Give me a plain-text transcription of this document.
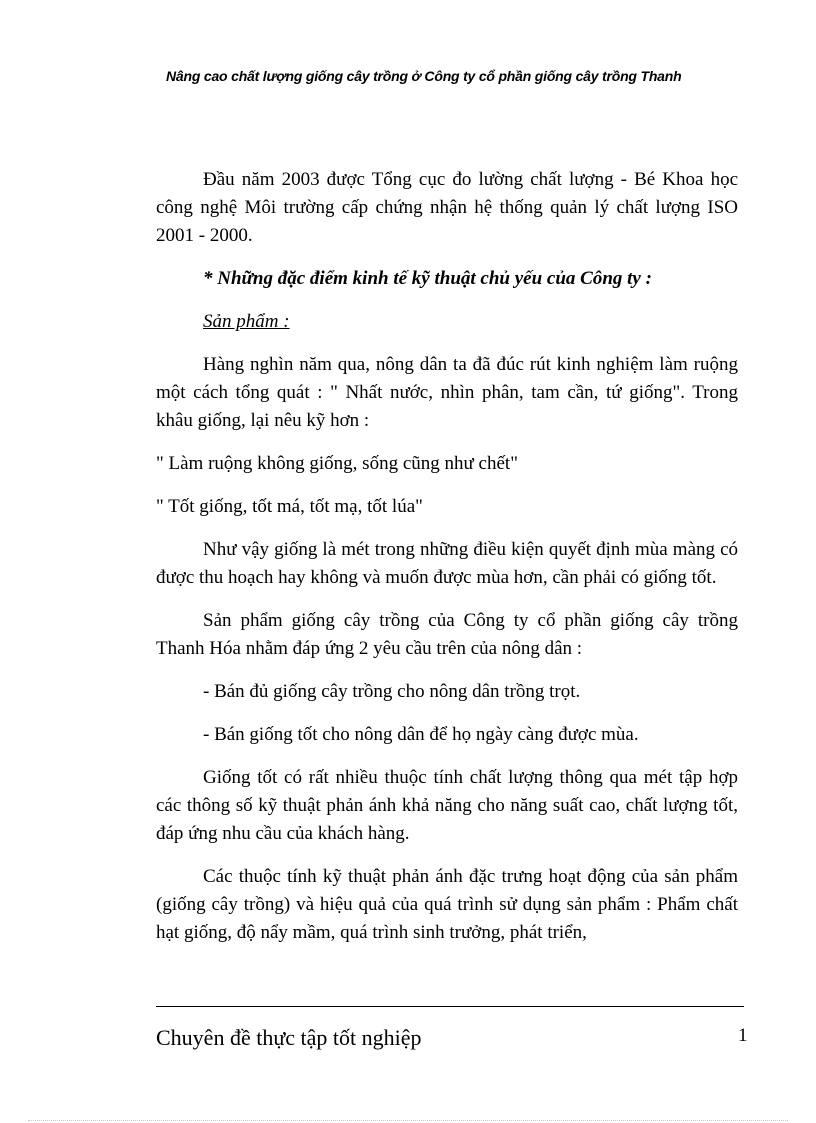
Nâng cao chất lượng giống cây trồng ở Công ty cổ phần giống cây trồng Thanh

Đầu năm 2003 được Tổng cục đo lường chất lượng - Bé Khoa học công nghệ Môi trường cấp chứng nhận hệ thống quản lý chất lượng ISO 2001 - 2000.

* Những đặc điểm kinh tế kỹ thuật chủ yếu của Công ty :

Sản phẩm :

Hàng nghìn năm qua, nông dân ta đã đúc rút kinh nghiệm làm ruộng một cách tổng quát : " Nhất nước, nhìn phân, tam cần, tứ giống". Trong khâu giống, lại nêu kỹ hơn :

" Làm ruộng không giống, sống cũng như chết"

" Tốt giống, tốt má, tốt mạ, tốt lúa"

Như vậy giống là mét trong những điều kiện quyết định mùa màng có được thu hoạch hay không và muốn được mùa hơn, cần phải có giống tốt.

Sản phẩm giống cây trồng của Công ty cổ phần giống cây trồng Thanh Hóa nhằm đáp ứng 2 yêu cầu trên của nông dân :

- Bán đủ giống cây trồng cho nông dân trồng trọt.

- Bán giống tốt cho nông dân để họ ngày càng được mùa.

Giống tốt có rất nhiều thuộc tính chất lượng thông qua mét tập hợp các thông số kỹ thuật phản ánh khả năng cho năng suất cao, chất lượng tốt, đáp ứng nhu cầu của khách hàng.

Các thuộc tính kỹ thuật phản ánh đặc trưng hoạt động của sản phẩm (giống cây trồng) và hiệu quả của quá trình sử dụng sản phẩm : Phẩm chất hạt giống, độ nẩy mầm, quá trình sinh trưởng, phát triển,

Chuyên đề thực tập tốt nghiệp	1
